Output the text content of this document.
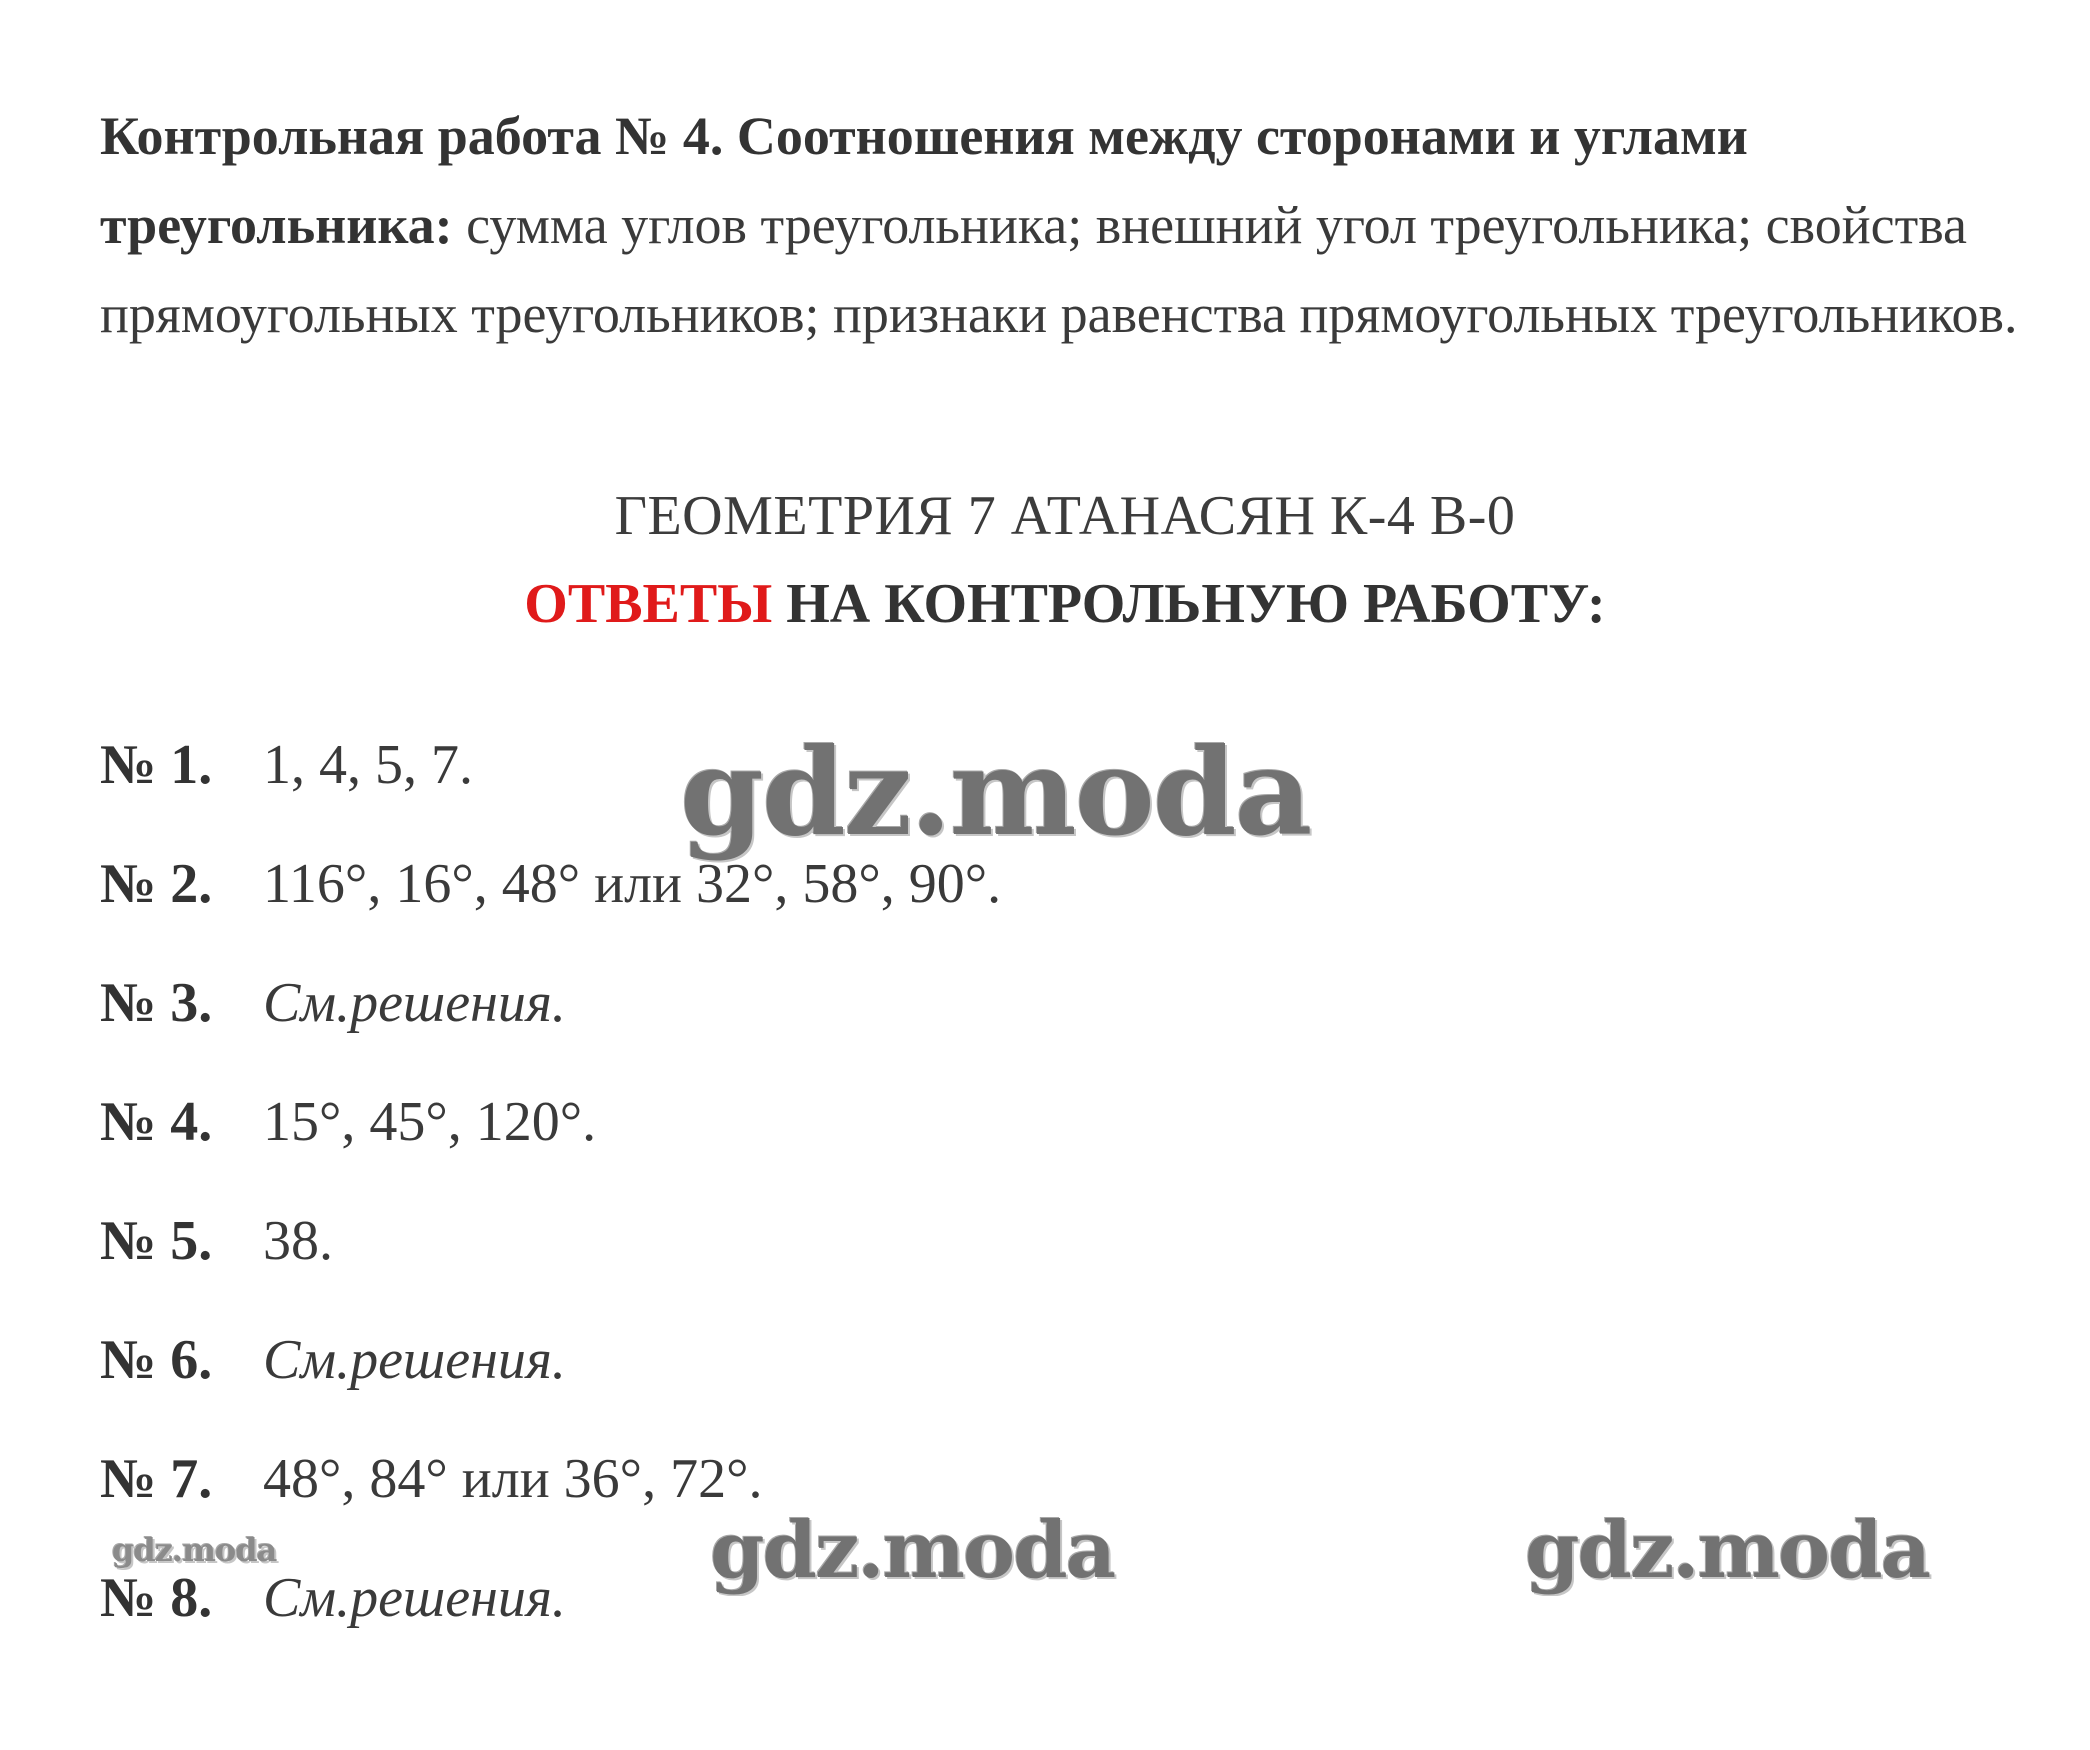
Контрольная работа № 4. Соотношения между сторонами и углами треугольника: сумма углов треугольника; внешний угол треугольника; свойства прямоугольных треугольников; признаки равенства прямоугольных треугольников.

ГЕОМЕТРИЯ 7 АТАНАСЯН К-4 В-0
ОТВЕТЫ НА КОНТРОЛЬНУЮ РАБОТУ:
№ 1. 1, 4, 5, 7.
№ 2. 116°, 16°, 48° или 32°, 58°, 90°.
№ 3. См.решения.
№ 4. 15°, 45°, 120°.
№ 5. 38.
№ 6. См.решения.
№ 7. 48°, 84° или 36°, 72°.
№ 8. См.решения.
gdz.moda
gdz.moda	gdz.moda
gdz.moda
